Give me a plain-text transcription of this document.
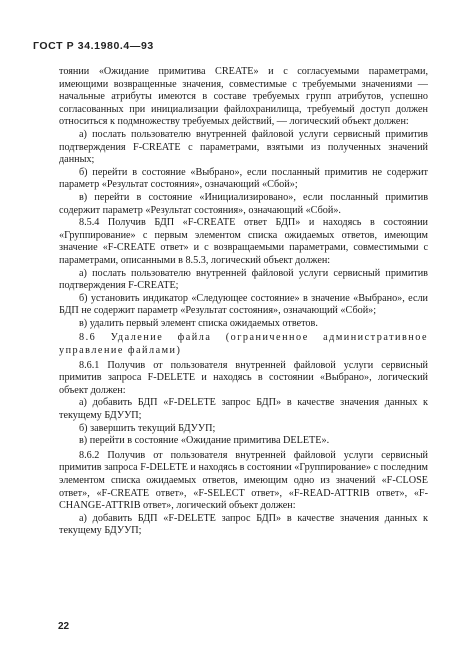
ГОСТ Р 34.1980.4—93

тоянии «Ожидание примитива CREATE» и с согласуемыми параметрами, имеющими возвращенные значения, совместимые с требуемыми значениями — начальные атрибуты имеются в составе требуемых групп атрибутов, успешно согласованных при инициализации файлохранилища, требуемый доступ должен относиться к подмножеству требуемых действий, — логический объект должен:

а) послать пользователю внутренней файловой услуги сервисный примитив подтверждения F-CREATE с параметрами, взятыми из полученных значений данных;

б) перейти в состояние «Выбрано», если посланный примитив не содержит параметр «Результат состояния», означающий «Сбой»;

в) перейти в состояние «Инициализировано», если посланный примитив содержит параметр «Результат состояния», означающий «Сбой».

8.5.4 Получив БДП «F-CREATE ответ БДП» и находясь в состоянии «Группирование» с первым элементом списка ожидаемых ответов, имеющим значение «F-CREATE ответ» и с возвращаемыми параметрами, совместимыми с параметрами, описанными в 8.5.3, логический объект должен:

а) послать пользователю внутренней файловой услуги сервисный примитив подтверждения F-CREATE;

б) установить индикатор «Следующее состояние» в значение «Выбрано», если БДП не содержит параметр «Результат состояния», означающий «Сбой»;

в) удалить первый элемент списка ожидаемых ответов.

8.6 Удаление файла (ограниченное административное управление файлами)

8.6.1 Получив от пользователя внутренней файловой услуги сервисный примитив запроса F-DELETE и находясь в состоянии «Выбрано», логический объект должен:

а) добавить БДП «F-DELETE запрос БДП» в качестве значения данных к текущему БДУУП;

б) завершить текущий БДУУП;

в) перейти в состояние «Ожидание примитива DELETE».

8.6.2 Получив от пользователя внутренней файловой услуги сервисный примитив запроса F-DELETE и находясь в состоянии «Группирование» с последним элементом списка ожидаемых ответов, имеющим одно из значений «F-CLOSE ответ», «F-CREATE ответ», «F-SELECT ответ», «F-READ-ATTRIB ответ», «F-CHANGE-ATTRIB ответ», логический объект должен:

а) добавить БДП «F-DELETE запрос БДП» в качестве значения данных к текущему БДУУП;

22
